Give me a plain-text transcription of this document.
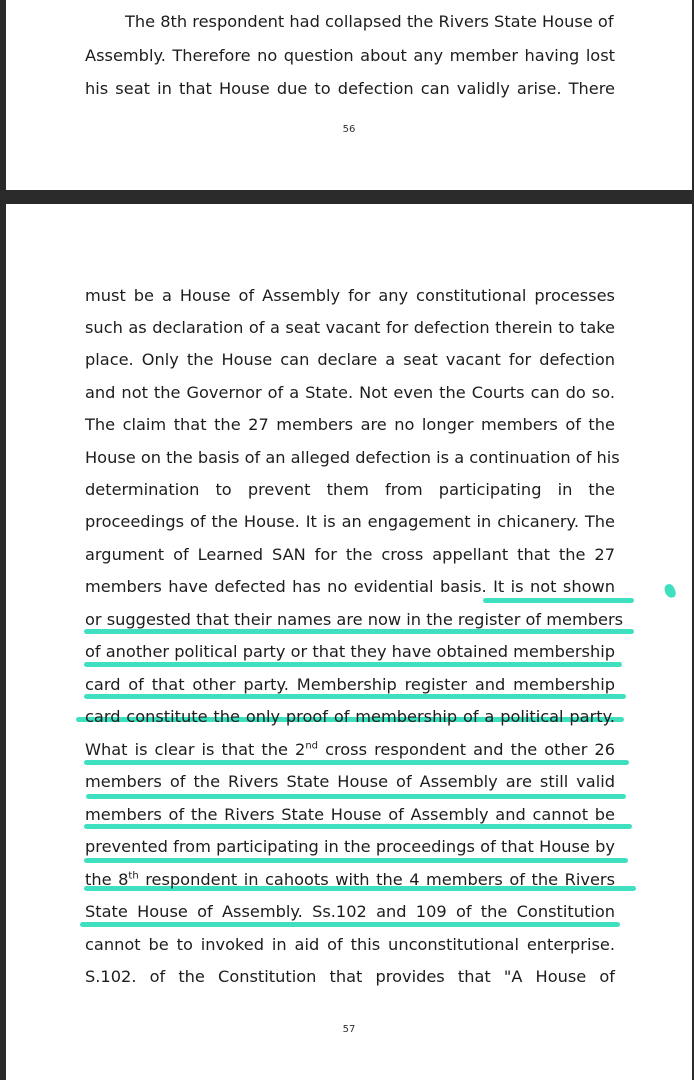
The 8th respondent had collapsed the Rivers State House of
Assembly. Therefore no question about any member having lost
his seat in that House due to defection can validly arise. There
56
must be a House of Assembly for any constitutional processes
such as declaration of a seat vacant for defection therein to take
place. Only the House can declare a seat vacant for defection
and not the Governor of a State. Not even the Courts can do so.
The claim that the 27 members are no longer members of the
House on the basis of an alleged defection is a continuation of his
determination to prevent them from participating in the
proceedings of the House. It is an engagement in chicanery. The
argument of Learned SAN for the cross appellant that the 27
members have defected has no evidential basis. It is not shown
or suggested that their names are now in the register of members
of another political party or that they have obtained membership
card of that other party. Membership register and membership
card constitute the only proof of membership of a political party.
What is clear is that the 2nd cross respondent and the other 26
members of the Rivers State House of Assembly are still valid
members of the Rivers State House of Assembly and cannot be
prevented from participating in the proceedings of that House by
the 8th respondent in cahoots with the 4 members of the Rivers
State House of Assembly. Ss.102 and 109 of the Constitution
cannot be to invoked in aid of this unconstitutional enterprise.
S.102. of the Constitution that provides that "A House of
57
